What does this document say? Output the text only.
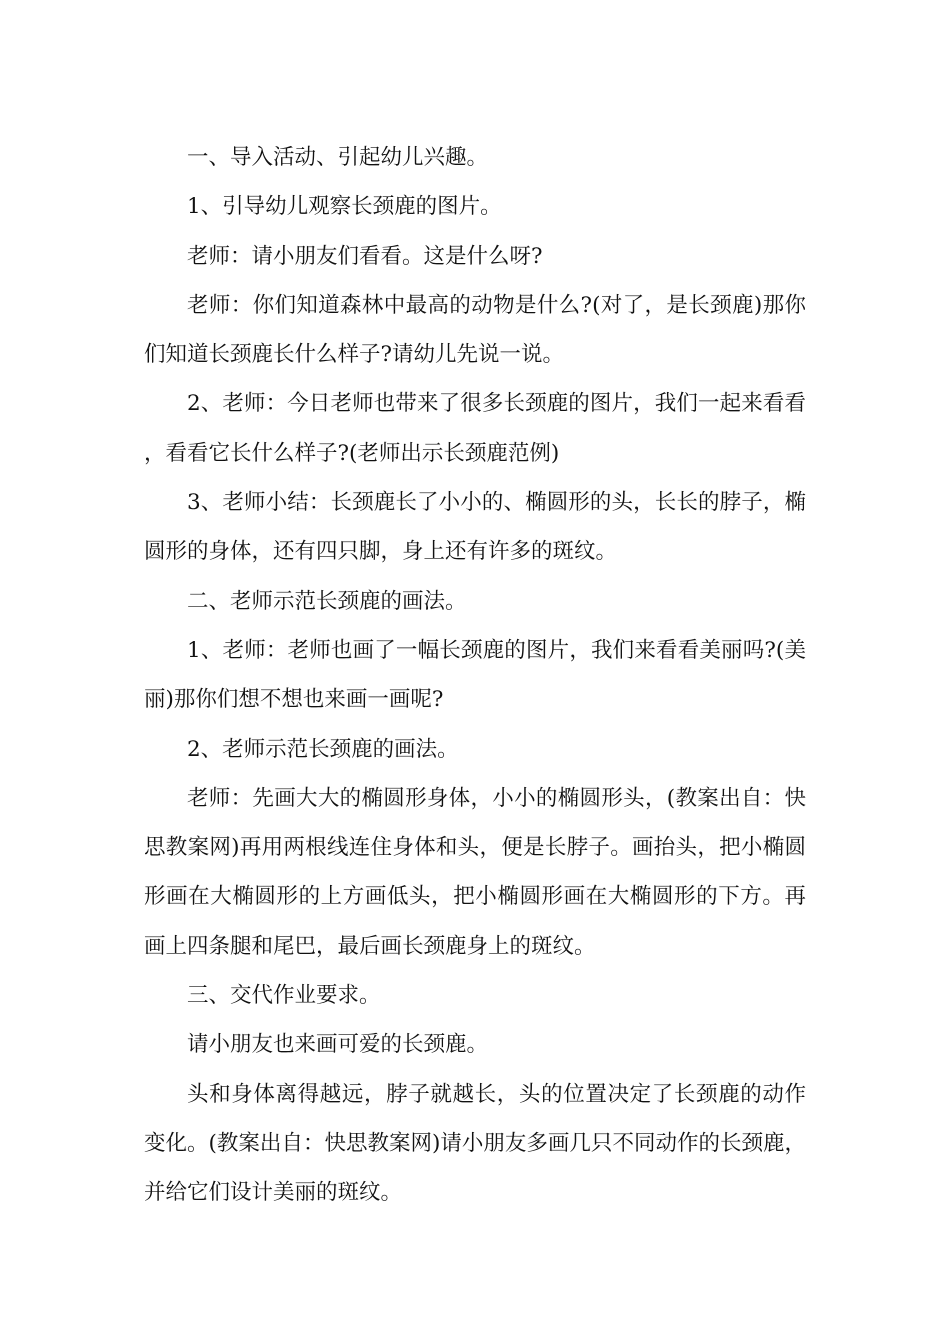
一、导入活动、引起幼儿兴趣。

1、引导幼儿观察长颈鹿的图片。

老师：请小朋友们看看。这是什么呀?

老师：你们知道森林中最高的动物是什么?(对了，是长颈鹿)那你们知道长颈鹿长什么样子?请幼儿先说一说。

2、老师：今日老师也带来了很多长颈鹿的图片，我们一起来看看，看看它长什么样子?(老师出示长颈鹿范例)

3、老师小结：长颈鹿长了小小的、椭圆形的头，长长的脖子，椭圆形的身体，还有四只脚，身上还有许多的斑纹。

二、老师示范长颈鹿的画法。

1、老师：老师也画了一幅长颈鹿的图片，我们来看看美丽吗?(美丽)那你们想不想也来画一画呢?

2、老师示范长颈鹿的画法。

老师：先画大大的椭圆形身体，小小的椭圆形头，(教案出自：快思教案网)再用两根线连住身体和头，便是长脖子。画抬头，把小椭圆形画在大椭圆形的上方画低头，把小椭圆形画在大椭圆形的下方。再画上四条腿和尾巴，最后画长颈鹿身上的斑纹。

三、交代作业要求。

请小朋友也来画可爱的长颈鹿。

头和身体离得越远，脖子就越长，头的位置决定了长颈鹿的动作变化。(教案出自：快思教案网)请小朋友多画几只不同动作的长颈鹿，并给它们设计美丽的斑纹。
